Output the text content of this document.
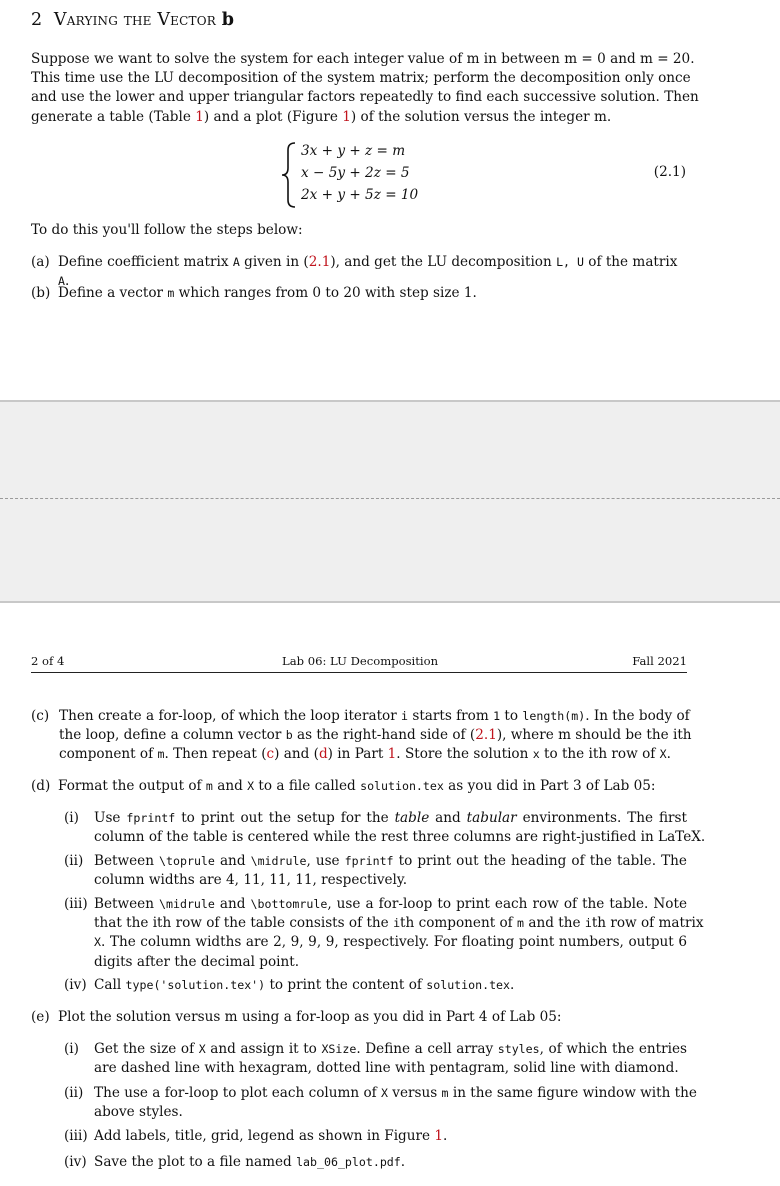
2 Varying the Vector b
Suppose we want to solve the system for each integer value of m in between m = 0 and m = 20.
This time use the LU decomposition of the system matrix; perform the decomposition only once
and use the lower and upper triangular factors repeatedly to find each successive solution. Then
generate a table (Table 1) and a plot (Figure 1) of the solution versus the integer m.
3x + y + z = m
x − 5y + 2z = 5
2x + y + 5z = 10
(2.1)
To do this you'll follow the steps below:
(a) Define coefficient matrix A given in (2.1), and get the LU decomposition L, U of the matrix A.
(b) Define a vector m which ranges from 0 to 20 with step size 1.
2 of 4	Lab 06: LU Decomposition	Fall 2021
(c) Then create a for-loop, of which the loop iterator i starts from 1 to length(m). In the body of
the loop, define a column vector b as the right-hand side of (2.1), where m should be the ith
component of m. Then repeat (c) and (d) in Part 1. Store the solution x to the ith row of X.
(d) Format the output of m and X to a file called solution.tex as you did in Part 3 of Lab 05:
(i) Use fprintf to print out the setup for the table and tabular environments. The first
column of the table is centered while the rest three columns are right-justified in LaTeX.
(ii) Between \toprule and \midrule, use fprintf to print out the heading of the table. The
column widths are 4, 11, 11, 11, respectively.
(iii) Between \midrule and \bottomrule, use a for-loop to print each row of the table. Note
that the ith row of the table consists of the ith component of m and the ith row of matrix
X. The column widths are 2, 9, 9, 9, respectively. For floating point numbers, output 6
digits after the decimal point.
(iv) Call type('solution.tex') to print the content of solution.tex.
(e) Plot the solution versus m using a for-loop as you did in Part 4 of Lab 05:
(i) Get the size of X and assign it to XSize. Define a cell array styles, of which the entries
are dashed line with hexagram, dotted line with pentagram, solid line with diamond.
(ii) The use a for-loop to plot each column of X versus m in the same figure window with the
above styles.
(iii) Add labels, title, grid, legend as shown in Figure 1.
(iv) Save the plot to a file named lab_06_plot.pdf.
